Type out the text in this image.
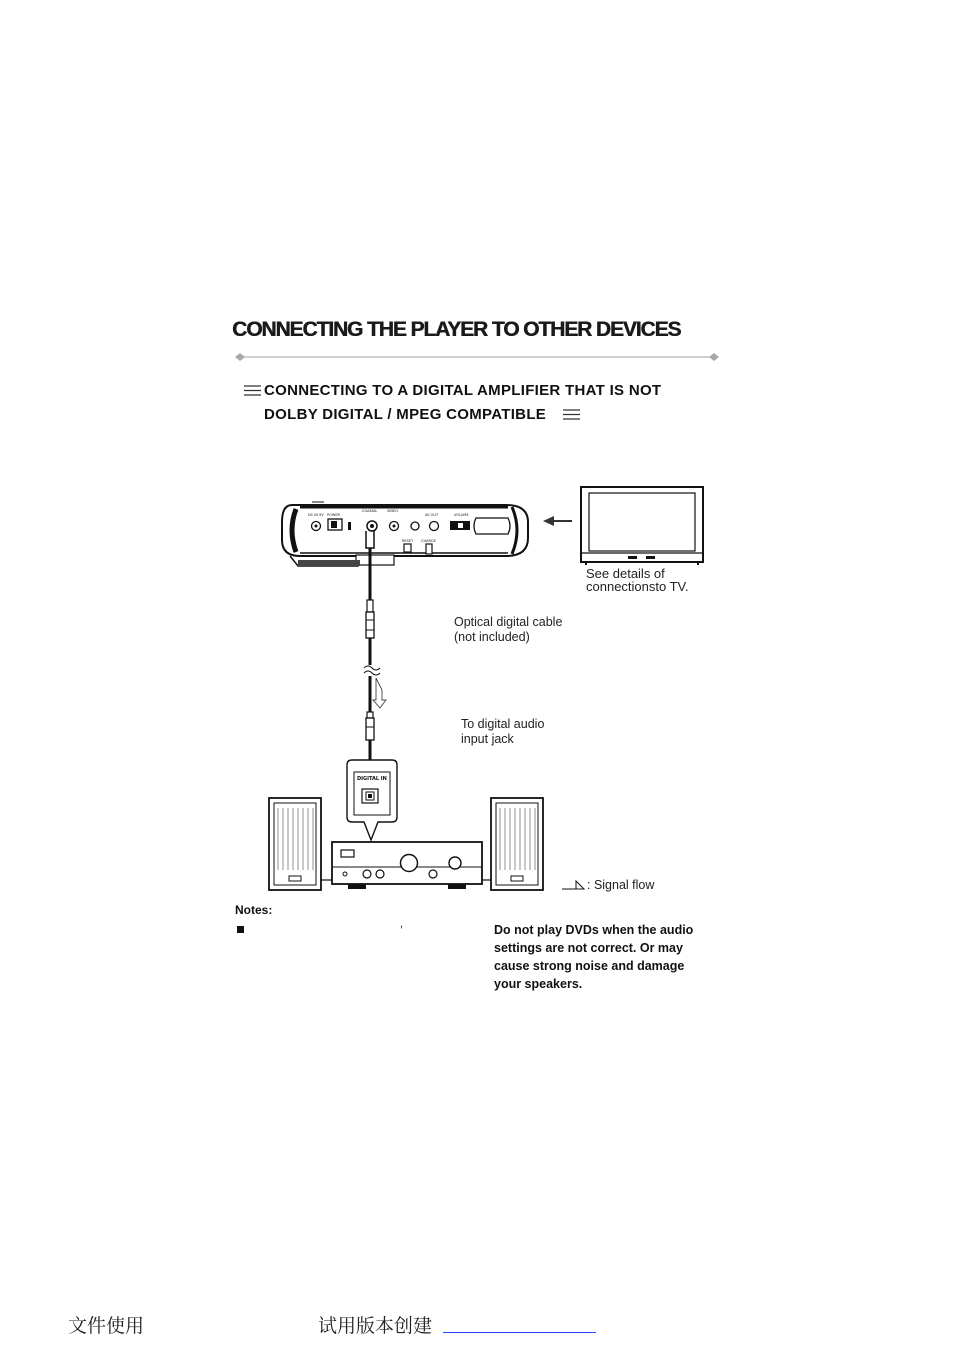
CONNECTING THE PLAYER TO OTHER DEVICES
CONNECTING TO A DIGITAL AMPLIFIER THAT IS NOT
DOLBY DIGITAL / MPEG COMPATIBLE
DC IN 9V POWER
COAXIAL	VIDEO
AV OUT	VOLUME
RESET CHARGE
DIGITAL IN
See details of
connectionsto TV.
Optical digital cable
(not included)
To digital audio
input jack
: Signal flow
Notes:
,	Do not play DVDs when the audio
settings are not correct. Or may
cause strong noise and damage
your speakers.
文件使用	试用版本创建
